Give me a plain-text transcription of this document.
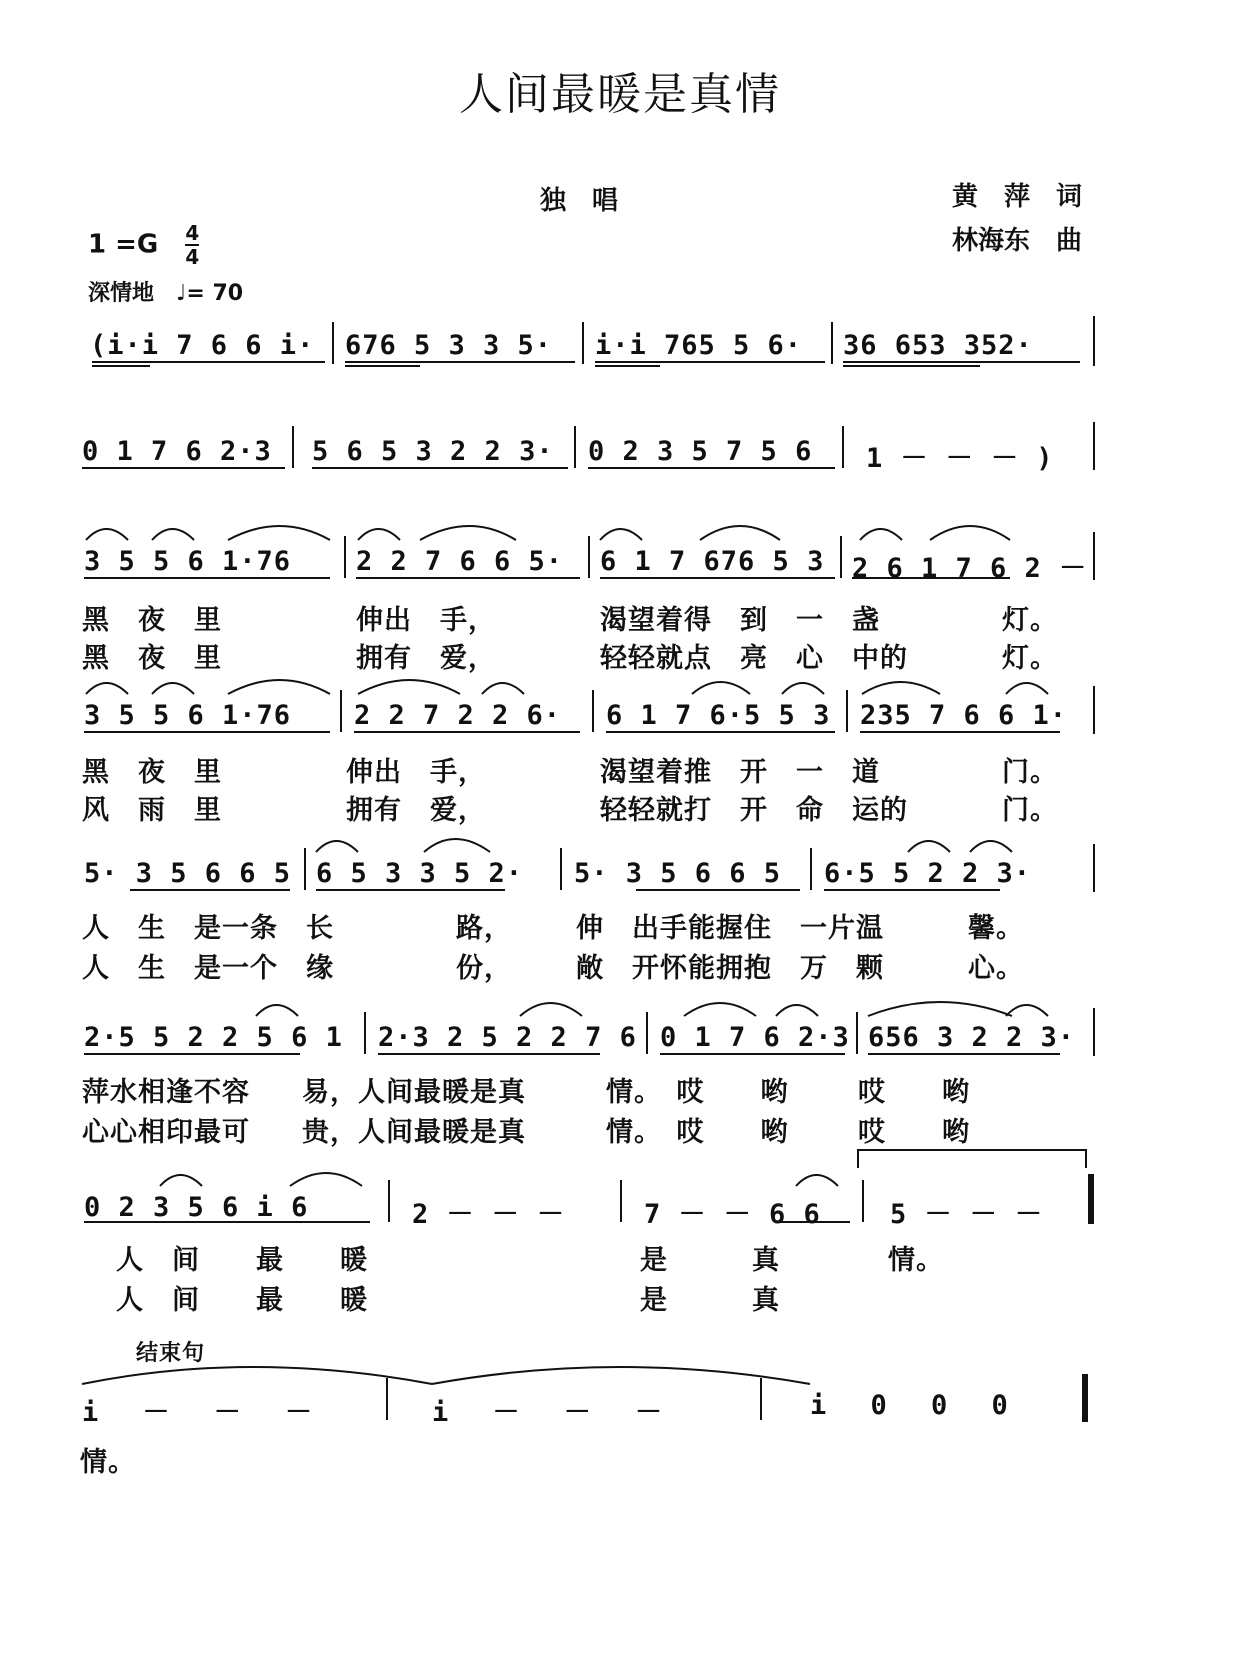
人间最暖是真情
独　唱	黄　萍　词
林海东　曲
$1 =G \frac{4}{4}$
深情地　♩= 70
(i·i 7 6 6 i· 676 5 3 3 5· i·i 765 5 6· 36 653 352·
0 1 7 6 2·3 5 6 5 3 2 2 3· 0 2 3 5 7 5 6 1 － － － )
3 5 5 6 1·76 2 2 7 6 6 5· 6 1 7 676 5 3 2 6 1 7 6 2 －
黑　夜　里	伸出　手，	渴望着得　到　一　盏	灯。
黑　夜　里	拥有　爱，	轻轻就点　亮　心　中的	灯。
3 5 5 6 1·76 2 2 7 2 2 6· 6 1 7 6·5 5 3 235 7 6 6 1·
黑　夜　里	伸出　手，	渴望着推　开　一　道	门。
风　雨　里	拥有　爱，	轻轻就打　开　命　运的	门。
5· 3 5 6 6 5 6 5 3 3 5 2· 5· 3 5 6 6 5 6·5 5 2 2 3·
人　生　是一条　长	路， 伸　出手能握住　一片温	馨。
人　生　是一个　缘	份， 敞　开怀能拥抱　万　颗	心。
2·5 5 2 2 5 6 1 2·3 2 5 2 2 7 6 0 1 7 6 2·3 656 3 2 2 3·
萍水相逢不容 易，人间最暖是真	情。　哎　　哟	哎　　哟
心心相印最可 贵，人间最暖是真	情。　哎　　哟	哎　　哟
0 2 3 5 6 i 6	2 － － －	7 － － 6 6	5 － － －
人　间　　最　　暖	是　　　真	情。
人　间　　最　　暖	是　　　真
结束句
i － － －	i － － －	i 0 0 0
情。
